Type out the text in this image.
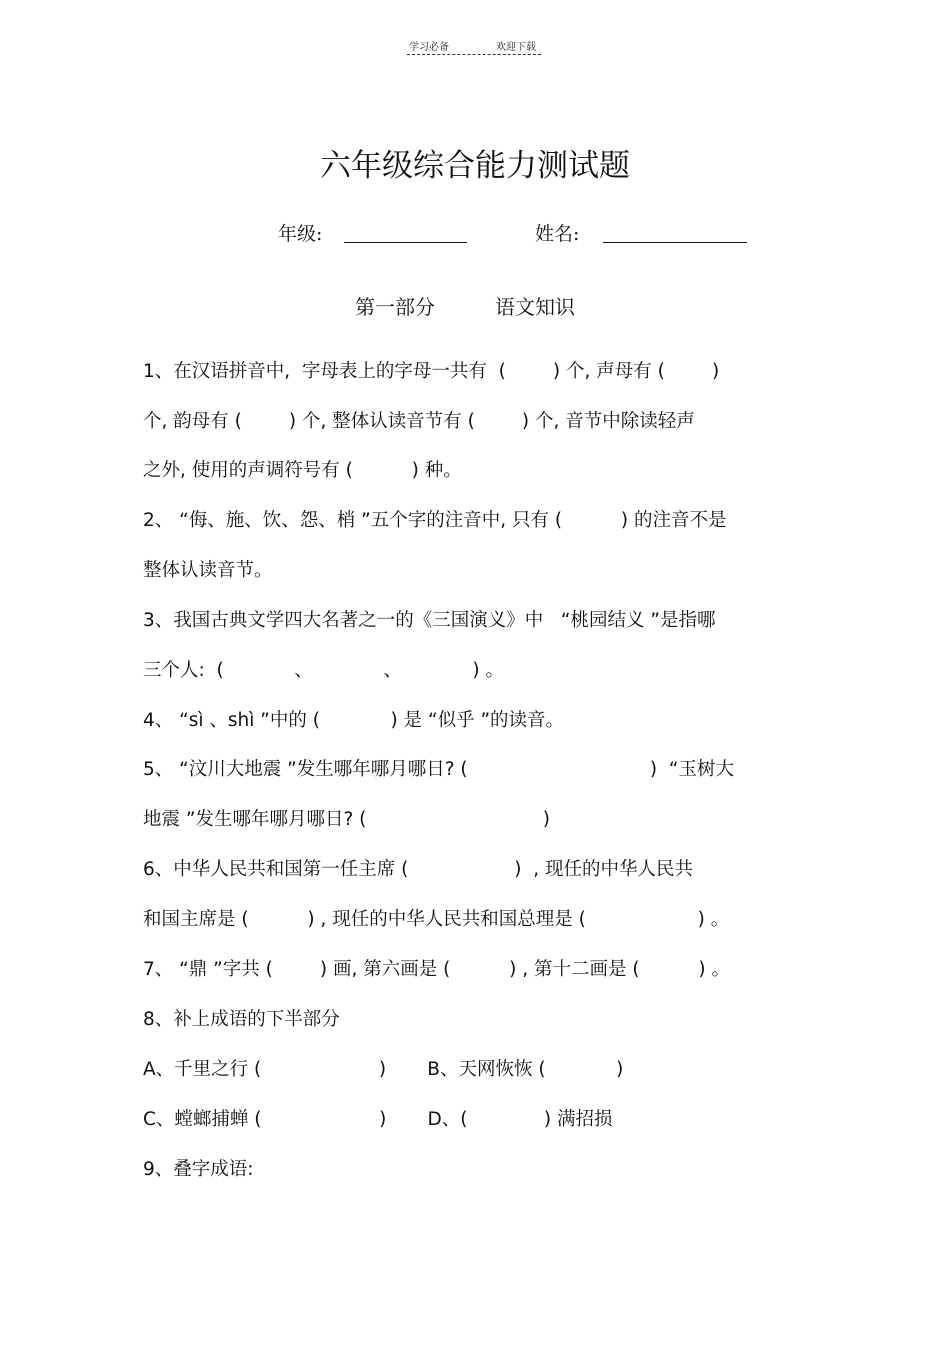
学习必备	欢迎下载
六年级综合能力测试题
年级:	姓名:
第一部分	语文知识
1、在汉语拼音中,  字母表上的字母一共有  (        ) 个, 声母有 (        )
个, 韵母有 (        ) 个, 整体认读音节有 (        ) 个, 音节中除读轻声
之外, 使用的声调符号有 (          ) 种。
2、 “侮、施、饮、怨、梢 ”五个字的注音中, 只有 (          ) 的注音不是
整体认读音节。
3、我国古典文学四大名著之一的《三国演义》中   “桃园结义 ”是指哪
三个人:  (            、            、            ) 。
4、 “sì 、shì ”中的 (            ) 是 “似乎 ”的读音。
5、 “汶川大地震 ”发生哪年哪月哪日? (                               )  “玉树大
地震 ”发生哪年哪月哪日? (                              )
6、中华人民共和国第一任主席 (                  )  , 现任的中华人民共
和国主席是 (          ) , 现任的中华人民共和国总理是 (                   ) 。
7、 “鼎 ”字共 (        ) 画, 第六画是 (          ) , 第十二画是 (          ) 。
8、补上成语的下半部分
A、千里之行 (                    )       B、天网恢恢 (            )
C、螳螂捕蝉 (                    )       D、(             ) 满招损
9、叠字成语:
